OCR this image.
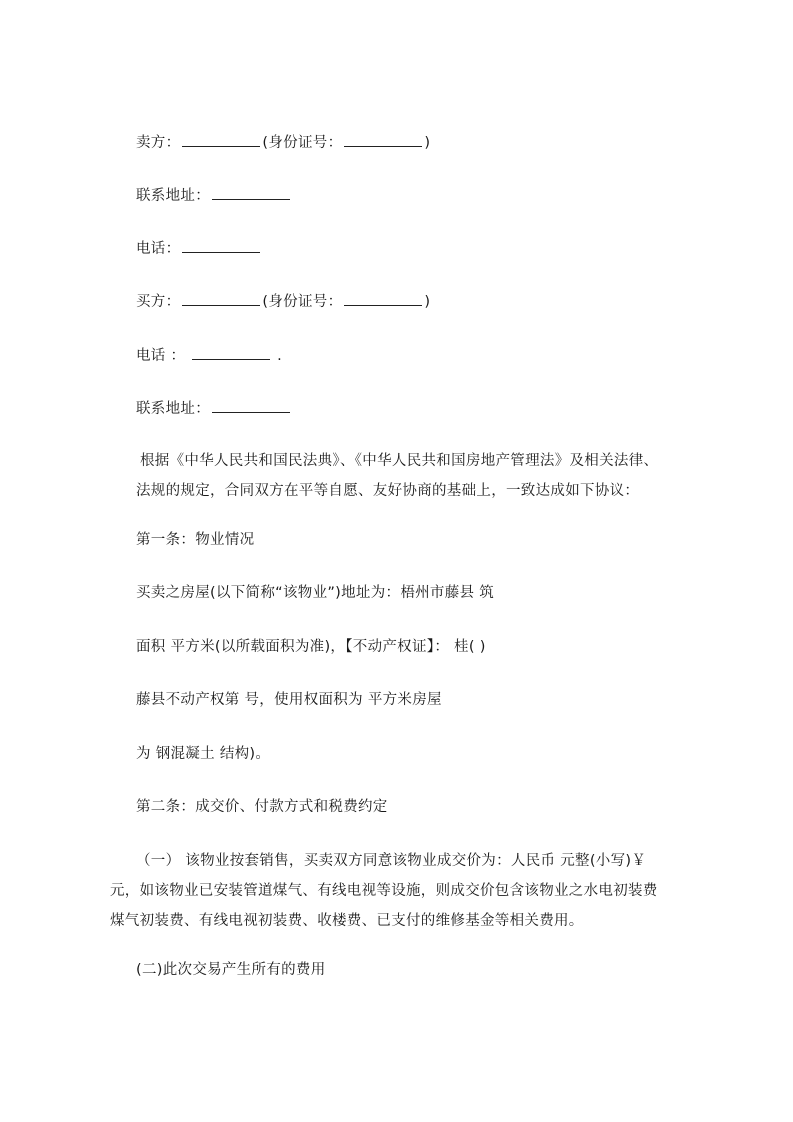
卖方：	(身份证号：	)
联系地址：
电话：
买方：	(身份证号：	)
电话 ：	.
联系地址：
根据《中华人民共和国民法典》、《中华人民共和国房地产管理法》及相关法律、
法规的规定，合同双方在平等自愿、友好协商的基础上，一致达成如下协议：
第一条：物业情况
买卖之房屋(以下简称“该物业”)地址为：梧州市藤县 筑
面积 平方米(以所载面积为准)，【不动产权证】： 桂( )
藤县不动产权第 号，使用权面积为 平方米房屋
为 钢混凝土 结构)。
第二条：成交价、付款方式和税费约定
（一） 该物业按套销售，买卖双方同意该物业成交价为：人民币 元整(小写)￥
元，如该物业已安装管道煤气、有线电视等设施，则成交价包含该物业之水电初装费
煤气初装费、有线电视初装费、收楼费、已支付的维修基金等相关费用。
(二)此次交易产生所有的费用
